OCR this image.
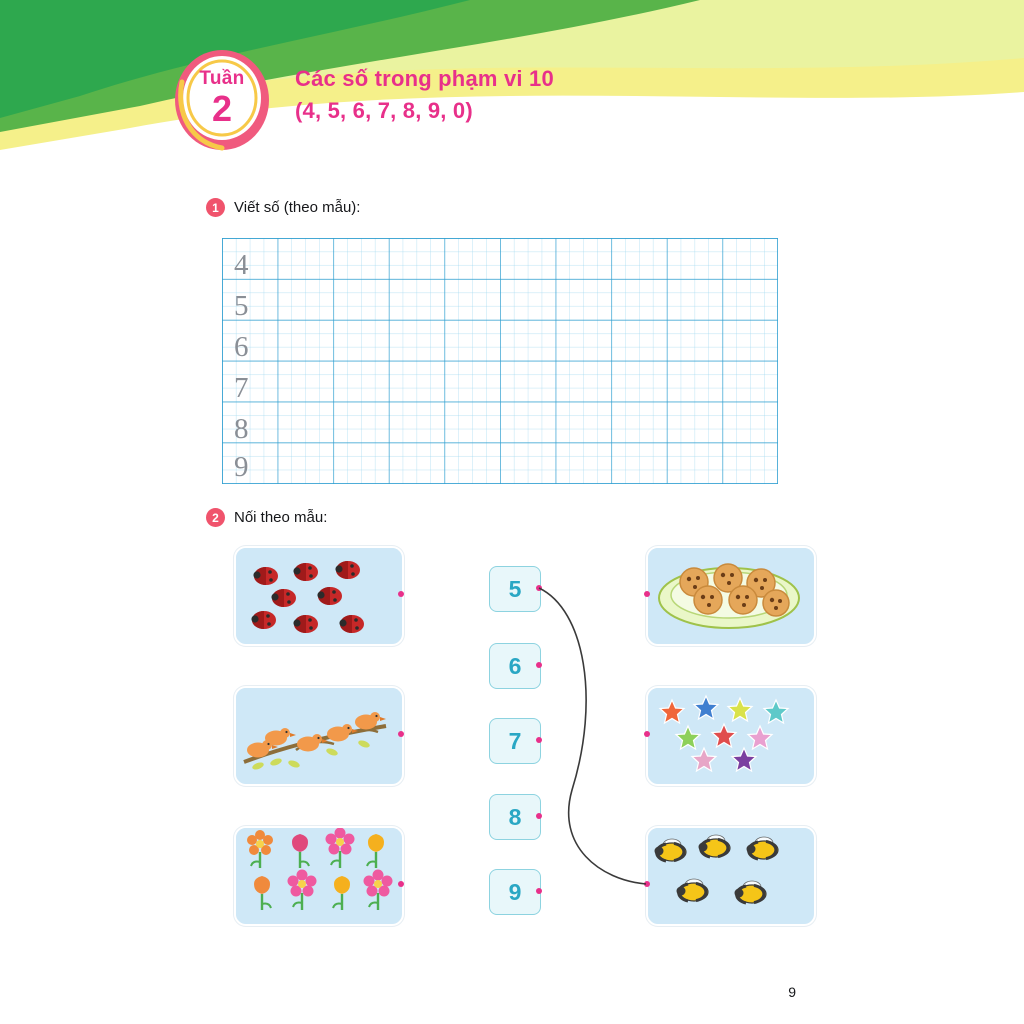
Tuần
2
Các số trong phạm vi 10
(4, 5, 6, 7, 8, 9, 0)
1	Viết số (theo mẫu):
4
5
6
7
8
9
2	Nối theo mẫu:
5
6
7
8
9
9
